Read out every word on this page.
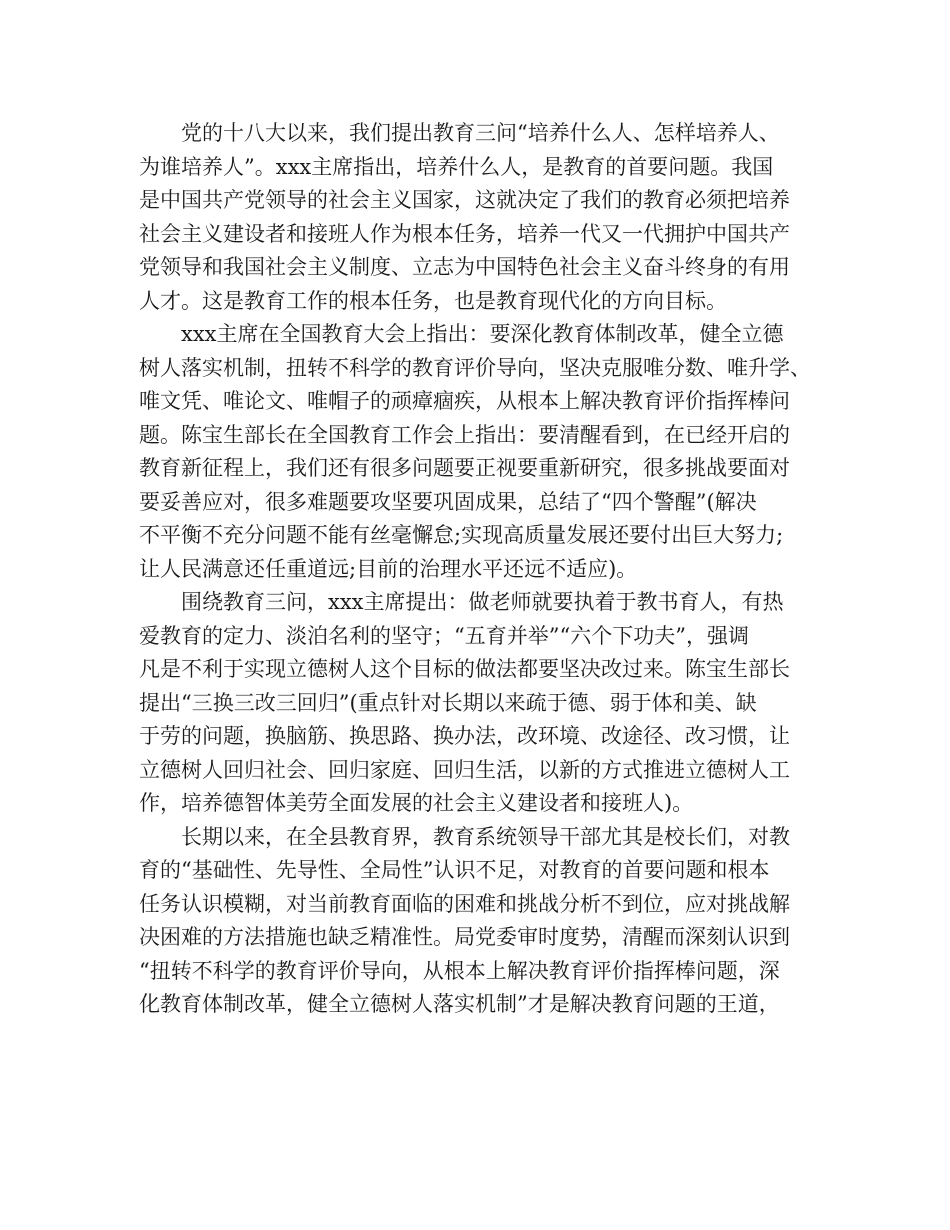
党的十八大以来，我们提出教育三问“培养什么人、怎样培养人、
为谁培养人”。xxx主席指出，培养什么人，是教育的首要问题。我国
是中国共产党领导的社会主义国家，这就决定了我们的教育必须把培养
社会主义建设者和接班人作为根本任务，培养一代又一代拥护中国共产
党领导和我国社会主义制度、立志为中国特色社会主义奋斗终身的有用
人才。这是教育工作的根本任务，也是教育现代化的方向目标。
xxx主席在全国教育大会上指出：要深化教育体制改革，健全立德
树人落实机制，扭转不科学的教育评价导向，坚决克服唯分数、唯升学、
唯文凭、唯论文、唯帽子的顽瘴痼疾，从根本上解决教育评价指挥棒问
题。陈宝生部长在全国教育工作会上指出：要清醒看到，在已经开启的
教育新征程上，我们还有很多问题要正视要重新研究，很多挑战要面对
要妥善应对，很多难题要攻坚要巩固成果，总结了“四个警醒”(解决
不平衡不充分问题不能有丝毫懈怠;实现高质量发展还要付出巨大努力;
让人民满意还任重道远;目前的治理水平还远不适应)。
围绕教育三问，xxx主席提出：做老师就要执着于教书育人，有热
爱教育的定力、淡泊名利的坚守；“五育并举”“六个下功夫”，强调
凡是不利于实现立德树人这个目标的做法都要坚决改过来。陈宝生部长
提出“三换三改三回归”(重点针对长期以来疏于德、弱于体和美、缺
于劳的问题，换脑筋、换思路、换办法，改环境、改途径、改习惯，让
立德树人回归社会、回归家庭、回归生活，以新的方式推进立德树人工
作，培养德智体美劳全面发展的社会主义建设者和接班人)。
长期以来，在全县教育界，教育系统领导干部尤其是校长们，对教
育的“基础性、先导性、全局性”认识不足，对教育的首要问题和根本
任务认识模糊，对当前教育面临的困难和挑战分析不到位，应对挑战解
决困难的方法措施也缺乏精准性。局党委审时度势，清醒而深刻认识到
“扭转不科学的教育评价导向，从根本上解决教育评价指挥棒问题，深
化教育体制改革，健全立德树人落实机制”才是解决教育问题的王道，
